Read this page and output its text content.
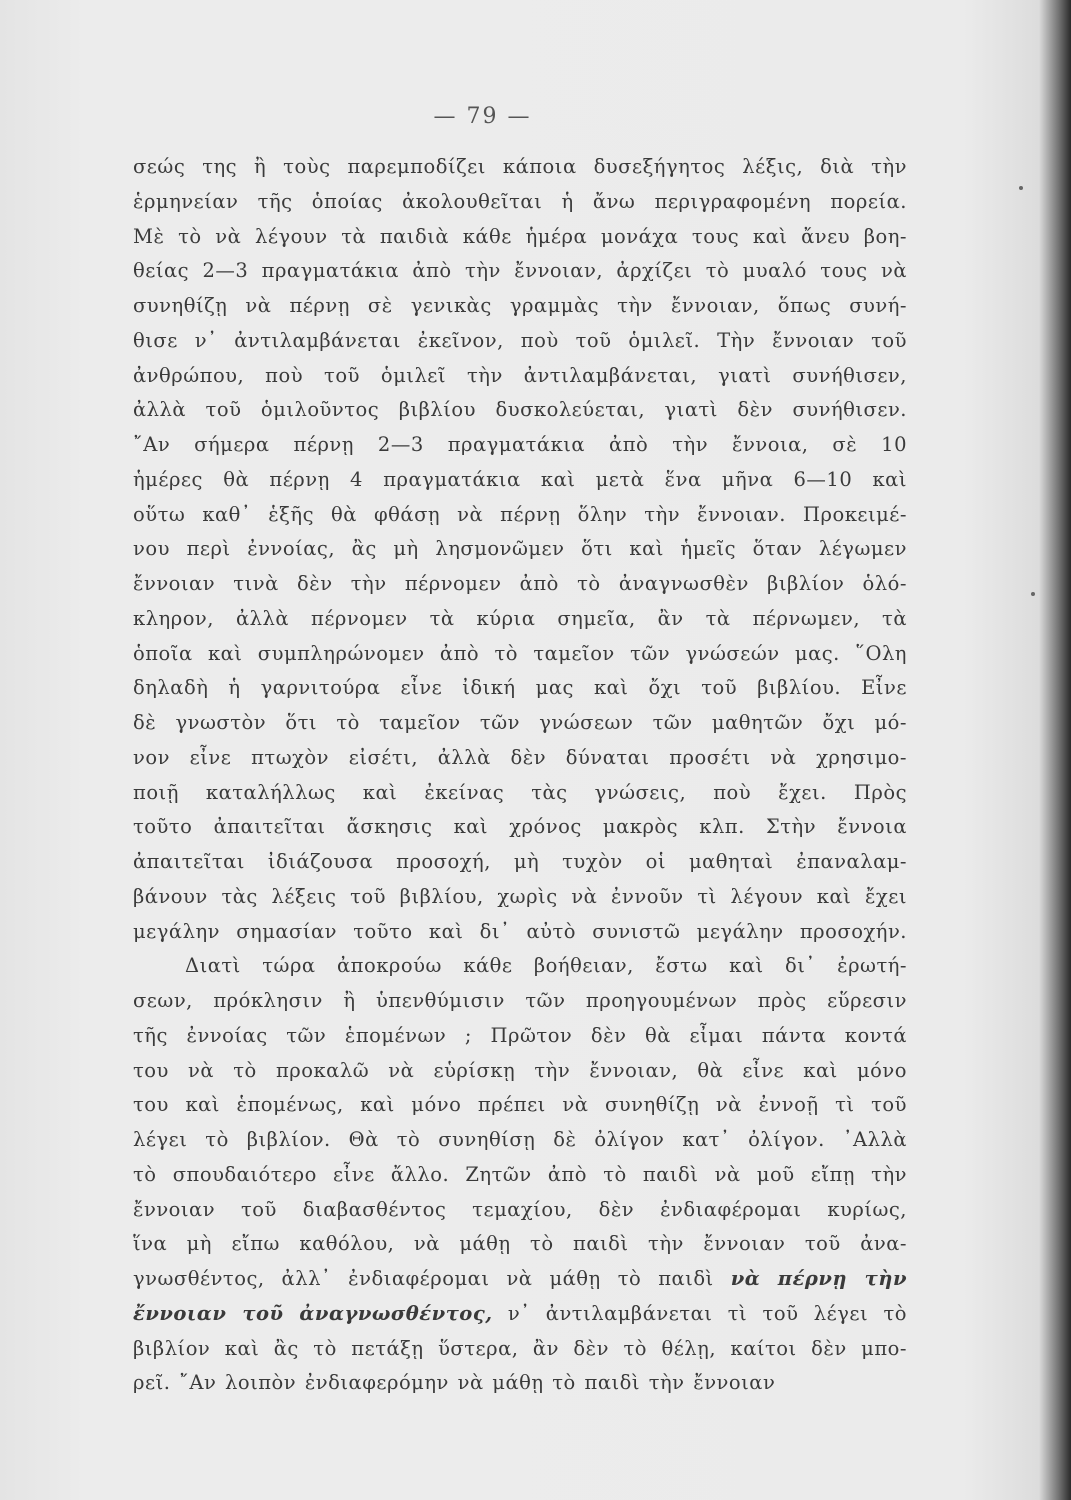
— 79 —
σεώς της ἢ τοὺς παρεμποδίζει κάποια δυσεξήγητος λέξις, διὰ τὴν
ἑρμηνείαν τῆς ὁποίας ἀκολουθεῖται ἡ ἄνω περιγραφομένη πορεία.
Μὲ τὸ νὰ λέγουν τὰ παιδιὰ κάθε ἡμέρα μονάχα τους καὶ ἄνευ βοη-
θείας 2—3 πραγματάκια ἀπὸ τὴν ἔννοιαν, ἀρχίζει τὸ μυαλό τους νὰ
συνηθίζῃ νὰ πέρνῃ σὲ γενικὰς γραμμὰς τὴν ἔννοιαν, ὅπως συνή-
θισε ν᾿ ἀντιλαμβάνεται ἐκεῖνον, ποὺ τοῦ ὁμιλεῖ. Τὴν ἔννοιαν τοῦ
ἀνθρώπου, ποὺ τοῦ ὁμιλεῖ τὴν ἀντιλαμβάνεται, γιατὶ συνήθισεν,
ἀλλὰ τοῦ ὁμιλοῦντος βιβλίου δυσκολεύεται, γιατὶ δὲν συνήθισεν.
῎Αν σήμερα πέρνῃ 2—3 πραγματάκια ἀπὸ τὴν ἔννοια, σὲ 10
ἡμέρες θὰ πέρνῃ 4 πραγματάκια καὶ μετὰ ἕνα μῆνα 6—10 καὶ
οὕτω καθ᾿ ἑξῆς θὰ φθάσῃ νὰ πέρνῃ ὅλην τὴν ἔννοιαν. Προκειμέ-
νου περὶ ἐννοίας, ἂς μὴ λησμονῶμεν ὅτι καὶ ἡμεῖς ὅταν λέγωμεν
ἔννοιαν τινὰ δὲν τὴν πέρνομεν ἀπὸ τὸ ἀναγνωσθὲν βιβλίον ὁλό-
κληρον, ἀλλὰ πέρνομεν τὰ κύρια σημεῖα, ἂν τὰ πέρνωμεν, τὰ
ὁποῖα καὶ συμπληρώνομεν ἀπὸ τὸ ταμεῖον τῶν γνώσεών μας. ῞Ολη
δηλαδὴ ἡ γαρνιτούρα εἶνε ἰδική μας καὶ ὄχι τοῦ βιβλίου. Εἶνε
δὲ γνωστὸν ὅτι τὸ ταμεῖον τῶν γνώσεων τῶν μαθητῶν ὄχι μό-
νον εἶνε πτωχὸν εἰσέτι, ἀλλὰ δὲν δύναται προσέτι νὰ χρησιμο-
ποιῇ καταλήλλως καὶ ἐκείνας τὰς γνώσεις, ποὺ ἔχει. Πρὸς
τοῦτο ἀπαιτεῖται ἄσκησις καὶ χρόνος μακρὸς κλπ. Στὴν ἔννοια
ἀπαιτεῖται ἰδιάζουσα προσοχή, μὴ τυχὸν οἱ μαθηταὶ ἐπαναλαμ-
βάνουν τὰς λέξεις τοῦ βιβλίου, χωρὶς νὰ ἐννοῦν τὶ λέγουν καὶ ἔχει
μεγάλην σημασίαν τοῦτο καὶ δι᾿ αὐτὸ συνιστῶ μεγάλην προσοχήν.
Διατὶ τώρα ἀποκρούω κάθε βοήθειαν, ἔστω καὶ δι᾿ ἐρωτή-
σεων, πρόκλησιν ἢ ὑπενθύμισιν τῶν προηγουμένων πρὸς εὕρεσιν
τῆς ἐννοίας τῶν ἑπομένων ; Πρῶτον δὲν θὰ εἶμαι πάντα κοντά
του νὰ τὸ προκαλῶ νὰ εὑρίσκῃ τὴν ἔννοιαν, θὰ εἶνε καὶ μόνο
του καὶ ἑπομένως, καὶ μόνο πρέπει νὰ συνηθίζῃ νὰ ἐννοῇ τὶ τοῦ
λέγει τὸ βιβλίον. Θὰ τὸ συνηθίσῃ δὲ ὀλίγον κατ᾿ ὀλίγον. ᾿Αλλὰ
τὸ σπουδαιότερο εἶνε ἄλλο. Ζητῶν ἀπὸ τὸ παιδὶ νὰ μοῦ εἴπῃ τὴν
ἔννοιαν τοῦ διαβασθέντος τεμαχίου, δὲν ἐνδιαφέρομαι κυρίως,
ἵνα μὴ εἴπω καθόλου, νὰ μάθῃ τὸ παιδὶ τὴν ἔννοιαν τοῦ ἀνα-
γνωσθέντος, ἀλλ᾿ ἐνδιαφέρομαι νὰ μάθῃ τὸ παιδὶ νὰ πέρνῃ τὴν
ἔννοιαν τοῦ ἀναγνωσθέντος, ν᾿ ἀντιλαμβάνεται τὶ τοῦ λέγει τὸ
βιβλίον καὶ ἂς τὸ πετάξῃ ὕστερα, ἂν δὲν τὸ θέλῃ, καίτοι δὲν μπο-
ρεῖ. ῎Αν λοιπὸν ἐνδιαφερόμην νὰ μάθῃ τὸ παιδὶ τὴν ἔννοιαν
